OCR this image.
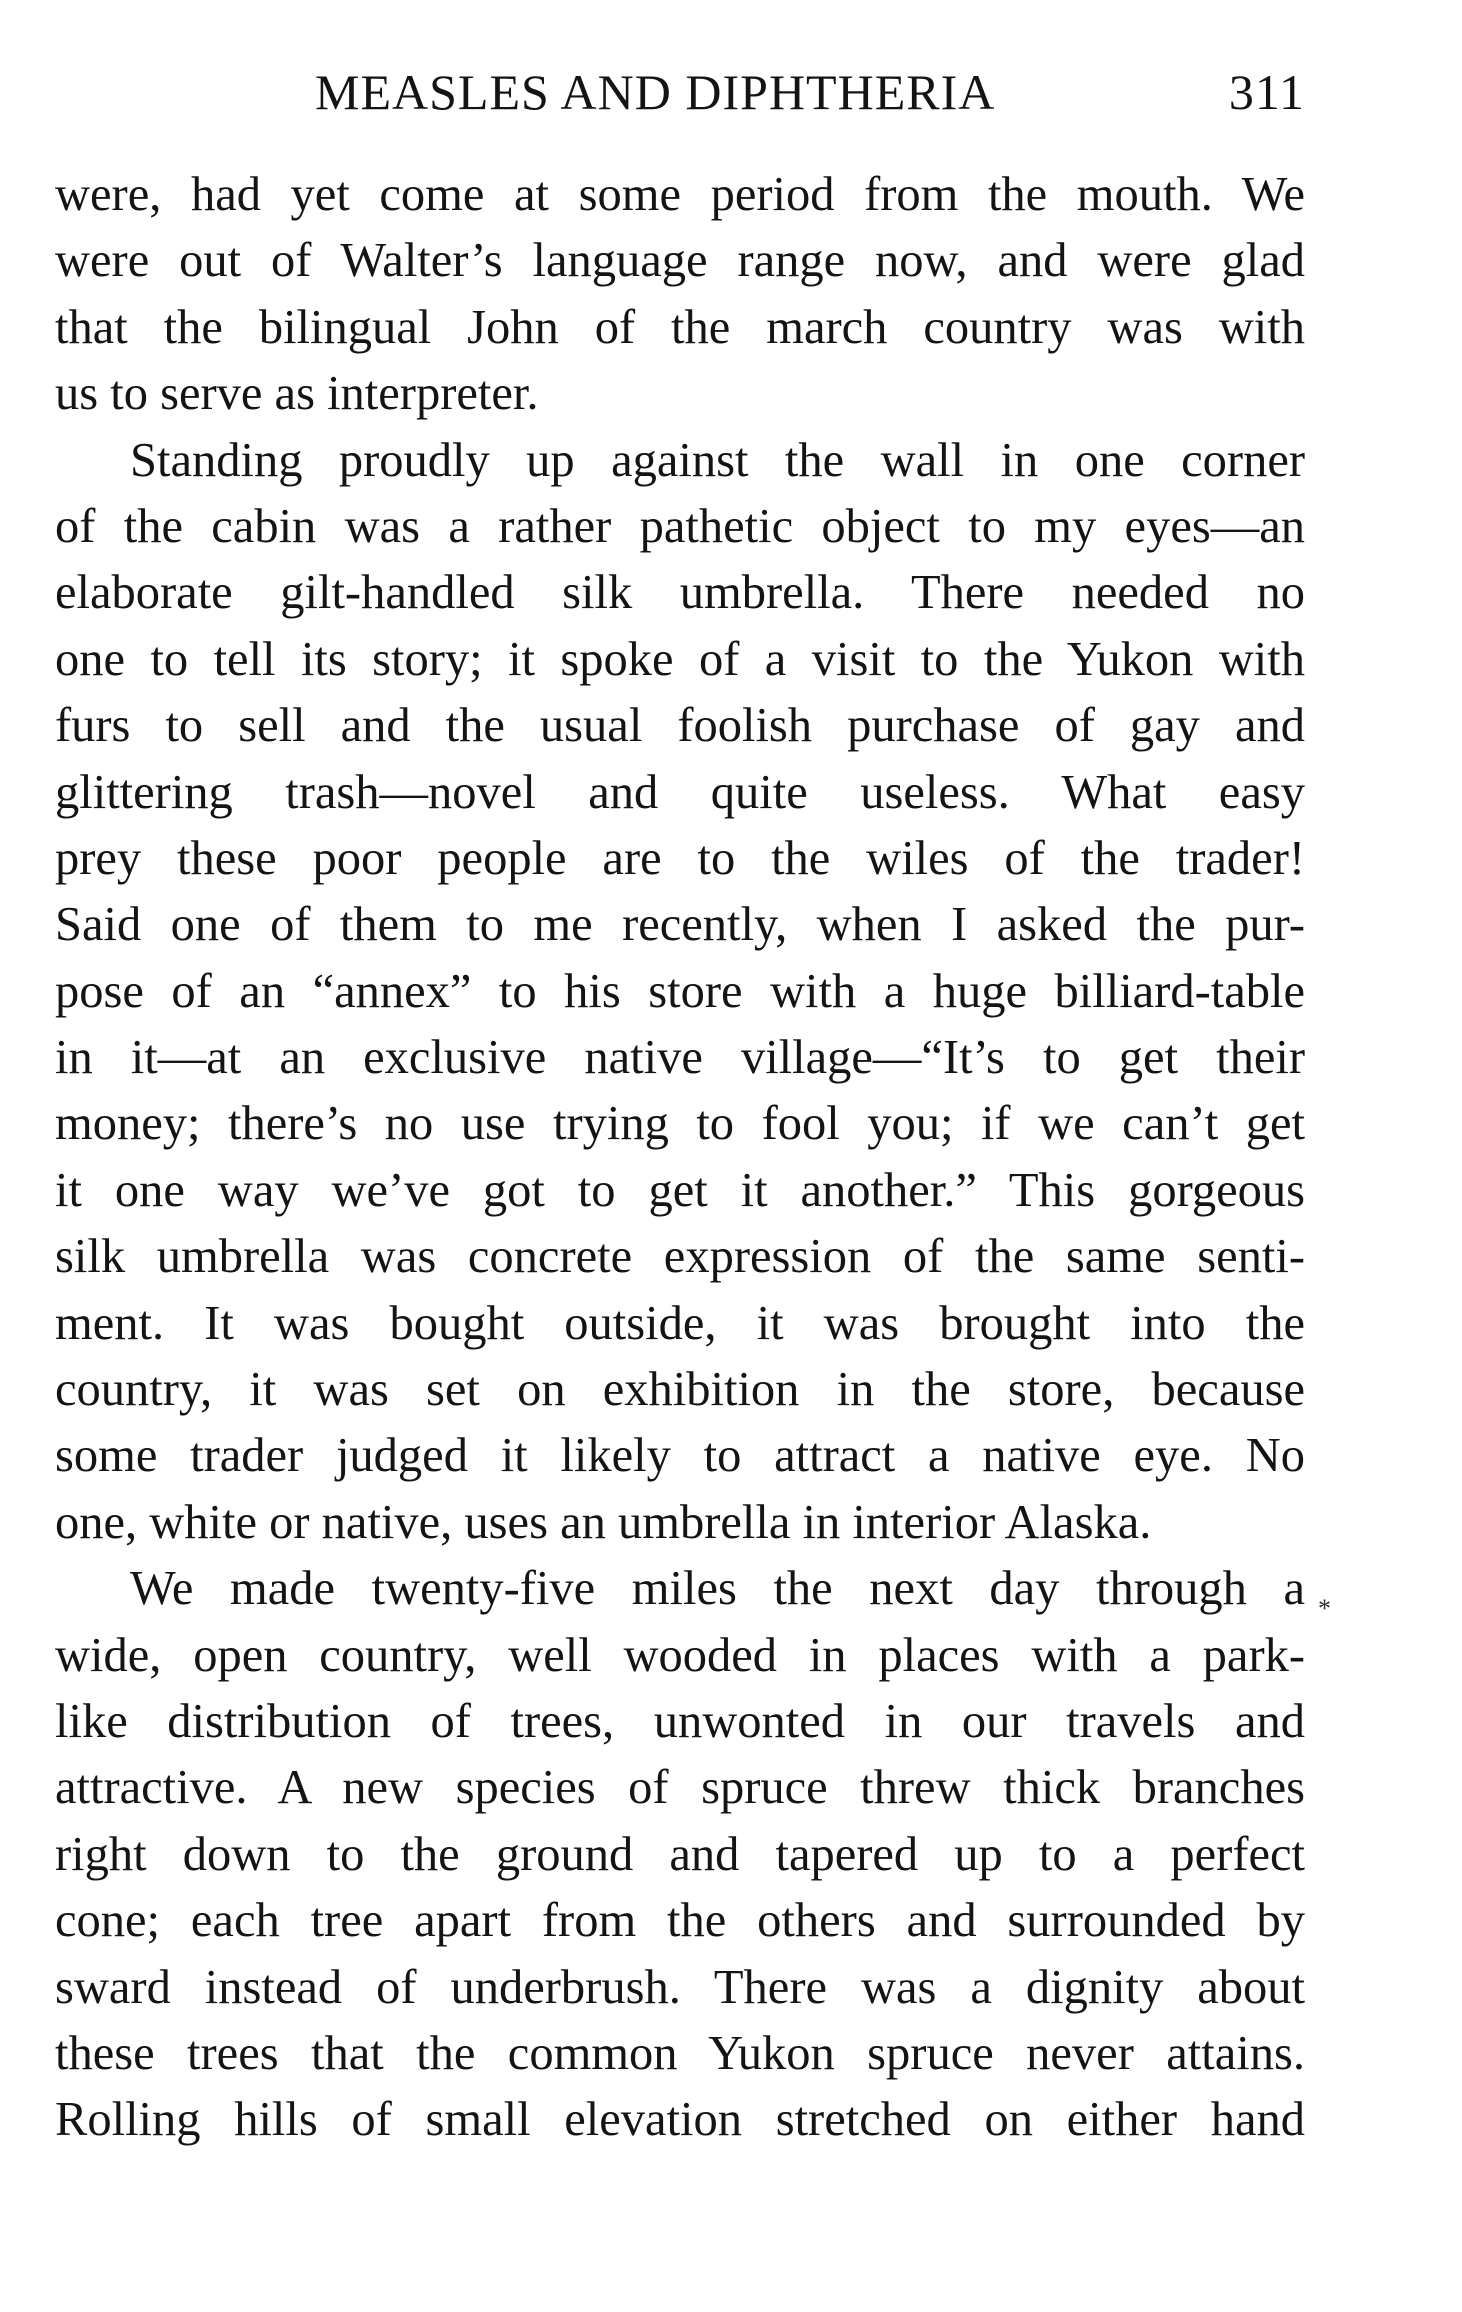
MEASLES AND DIPHTHERIA	311
were, had yet come at some period from the mouth. We
were out of Walter’s language range now, and were glad
that the bilingual John of the march country was with
us to serve as interpreter.
Standing proudly up against the wall in one corner
of the cabin was a rather pathetic object to my eyes—an
elaborate gilt-handled silk umbrella. There needed no
one to tell its story; it spoke of a visit to the Yukon with
furs to sell and the usual foolish purchase of gay and
glittering trash—novel and quite useless. What easy
prey these poor people are to the wiles of the trader!
Said one of them to me recently, when I asked the pur-
pose of an “annex” to his store with a huge billiard-table
in it—at an exclusive native village—“It’s to get their
money; there’s no use trying to fool you; if we can’t get
it one way we’ve got to get it another.” This gorgeous
silk umbrella was concrete expression of the same senti-
ment. It was bought outside, it was brought into the
country, it was set on exhibition in the store, because
some trader judged it likely to attract a native eye. No
one, white or native, uses an umbrella in interior Alaska.
We made twenty-five miles the next day through a
wide, open country, well wooded in places with a park-
like distribution of trees, unwonted in our travels and
attractive. A new species of spruce threw thick branches
right down to the ground and tapered up to a perfect
cone; each tree apart from the others and surrounded by
sward instead of underbrush. There was a dignity about
these trees that the common Yukon spruce never attains.
Rolling hills of small elevation stretched on either hand
*
